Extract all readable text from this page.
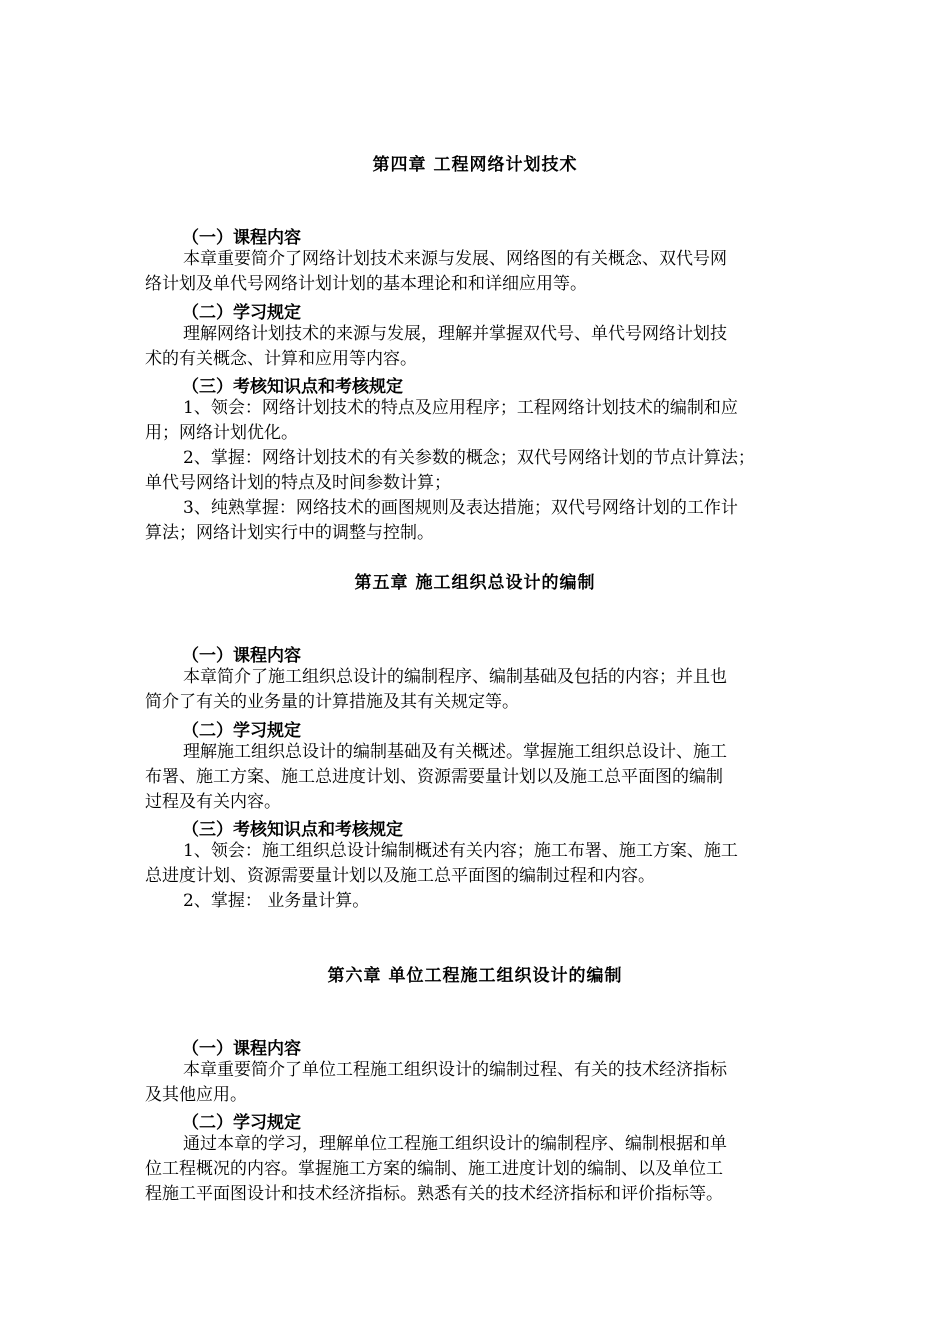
第四章 工程网络计划技术
（一）课程内容
本章重要简介了网络计划技术来源与发展、网络图的有关概念、双代号网
络计划及单代号网络计划计划的基本理论和和详细应用等。
（二）学习规定
理解网络计划技术的来源与发展，理解并掌握双代号、单代号网络计划技
术的有关概念、计算和应用等内容。
（三）考核知识点和考核规定
1、领会：网络计划技术的特点及应用程序；工程网络计划技术的编制和应
用；网络计划优化。
2、掌握：网络计划技术的有关参数的概念；双代号网络计划的节点计算法；
单代号网络计划的特点及时间参数计算；
3、纯熟掌握：网络技术的画图规则及表达措施；双代号网络计划的工作计
算法；网络计划实行中的调整与控制。
第五章 施工组织总设计的编制
（一）课程内容
本章简介了施工组织总设计的编制程序、编制基础及包括的内容；并且也
简介了有关的业务量的计算措施及其有关规定等。
（二）学习规定
理解施工组织总设计的编制基础及有关概述。掌握施工组织总设计、施工
布署、施工方案、施工总进度计划、资源需要量计划以及施工总平面图的编制
过程及有关内容。
（三）考核知识点和考核规定
1、领会：施工组织总设计编制概述有关内容；施工布署、施工方案、施工
总进度计划、资源需要量计划以及施工总平面图的编制过程和内容。
2、掌握： 业务量计算。
第六章 单位工程施工组织设计的编制
（一）课程内容
本章重要简介了单位工程施工组织设计的编制过程、有关的技术经济指标
及其他应用。
（二）学习规定
通过本章的学习，理解单位工程施工组织设计的编制程序、编制根据和单
位工程概况的内容。掌握施工方案的编制、施工进度计划的编制、以及单位工
程施工平面图设计和技术经济指标。熟悉有关的技术经济指标和评价指标等。
